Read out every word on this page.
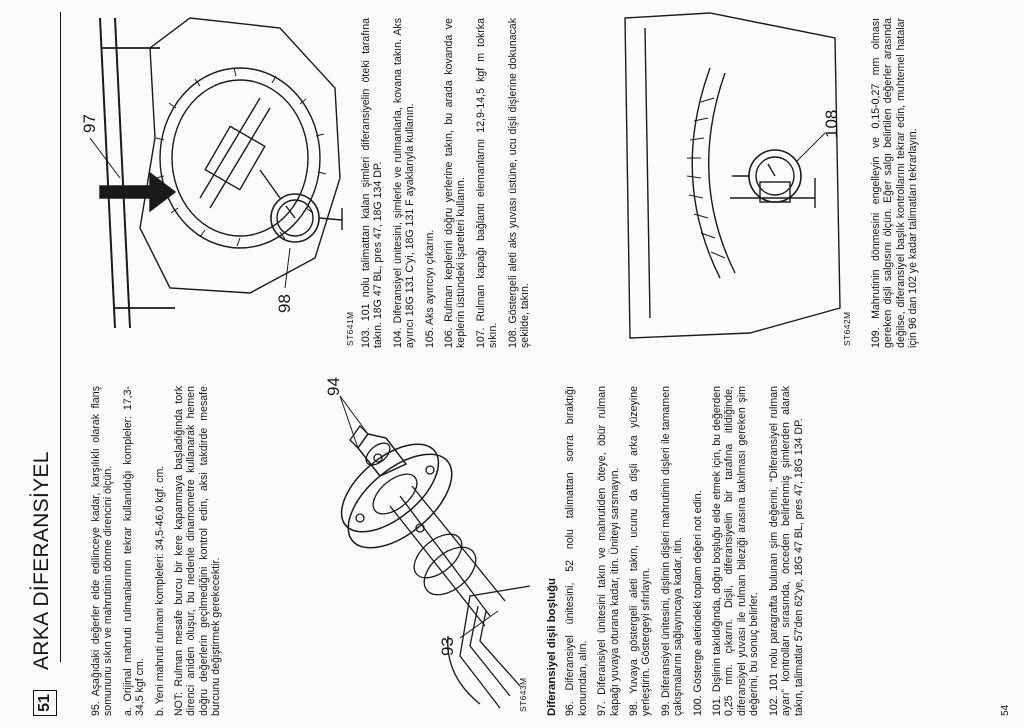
51
ARKA DİFERANSİYEL	95. Aşağıdaki değerler elde edilinceye kadar, karşılıklı olarak flanş somununu sıkın ve mahrutinin dönme direncini ölçün. a. Orijinal mahruti rulmanlarının tekrar kullanıldığı kompleler: 17,3-34,5 kgf cm. b. Yeni mahruti rulmanı kompleleri: 34,5-46,0 kgf. cm. NOT: Rulman mesafe burcu bir kere kapanmaya başladığında tork direnci aniden oluşur, bu nedenle dinamometre kullanarak hemen doğru değerlerin geçilmediğini kontrol edin, aksi takdirde mesafe burcunu değiştirmek gerekecektir.	93
94
ST643M Diferansiyel dişli boşluğu 96. Diferansiyel ünitesini, 52 nolu talimattan sonra bıraktığı konumdan, alın. 97. Diferansiyel ünitesini takın ve mahrutiden öteye, öbür rulman kapağı yuvaya oturana kadar, itin. Üniteyi sarsmayın. 98. Yuvaya göstergeli aleti takın, ucunu da dişli arka yüzeyine yerleştirin. Göstergeyi sıfırlayın. 99. Diferansiyel ünitesini, dişlinin dişleri mahrutinin dişleri ile tamamen çakışmalarını sağlayıncaya kadar, itin. 100. Gösterge aletindeki toplam değeri not edin. 101. Dişlinin takıldığında, doğru boşluğu elde etmek için, bu değerden 0,25 mm. çıkarın. Dişli, diferansiyelin bir tarafına itildiğinde, diferansiyel yuvası ile rulman bileziği arasına takılması gereken şim değerini, bu sonuç belirler. 102. 101 nolu paragrafta bulunan şim değerini, “Diferansiyel rulman ayarı” kontrolları sırasında, önceden belirlenmiş şimlerden alarak takın, talimatlar 57'den 62'ye, 18G 47 BL, pres 47, 18G 134 DP.

97
98
ST641M 103. 101 nolu talimattan kalan şimleri diferansiyelin öteki tarafına takın. 18G 47 BL, pres 47, 18G 134 DP. 104. Diferansiyel ünitesini, şimlerle ve rulmanlarla, kovana takın. Aks ayırıcı 18G 131 C'yi, 18G 131 F ayaklarıyla kullanın. 105. Aks ayırıcıyı çıkarın. 106. Rulman keplerini doğru yerlerine takın, bu arada kovanda ve keplerin üstündeki işaretleri kullanın. 107. Rulman kapağı bağlantı elemanlarını 12,9-14,5 kgf m tokrka sıkın. 108. Göstergeli aleti aks yuvası üstüne, ucu dişli dişlerine dokunacak şekilde, takın.

108
ST642M 109. Mahrutinin dönmesini engelleyin ve 0,15-0,27 mm olması gereken dişli salgısını ölçün. Eğer salgı belirtilen değerler arasında değilse, diferansiyel başlık kontrollarını tekrar edin, muhtemel hatalar için 96 dan 102 ye kadar talimatları tekrarlayın.

54
